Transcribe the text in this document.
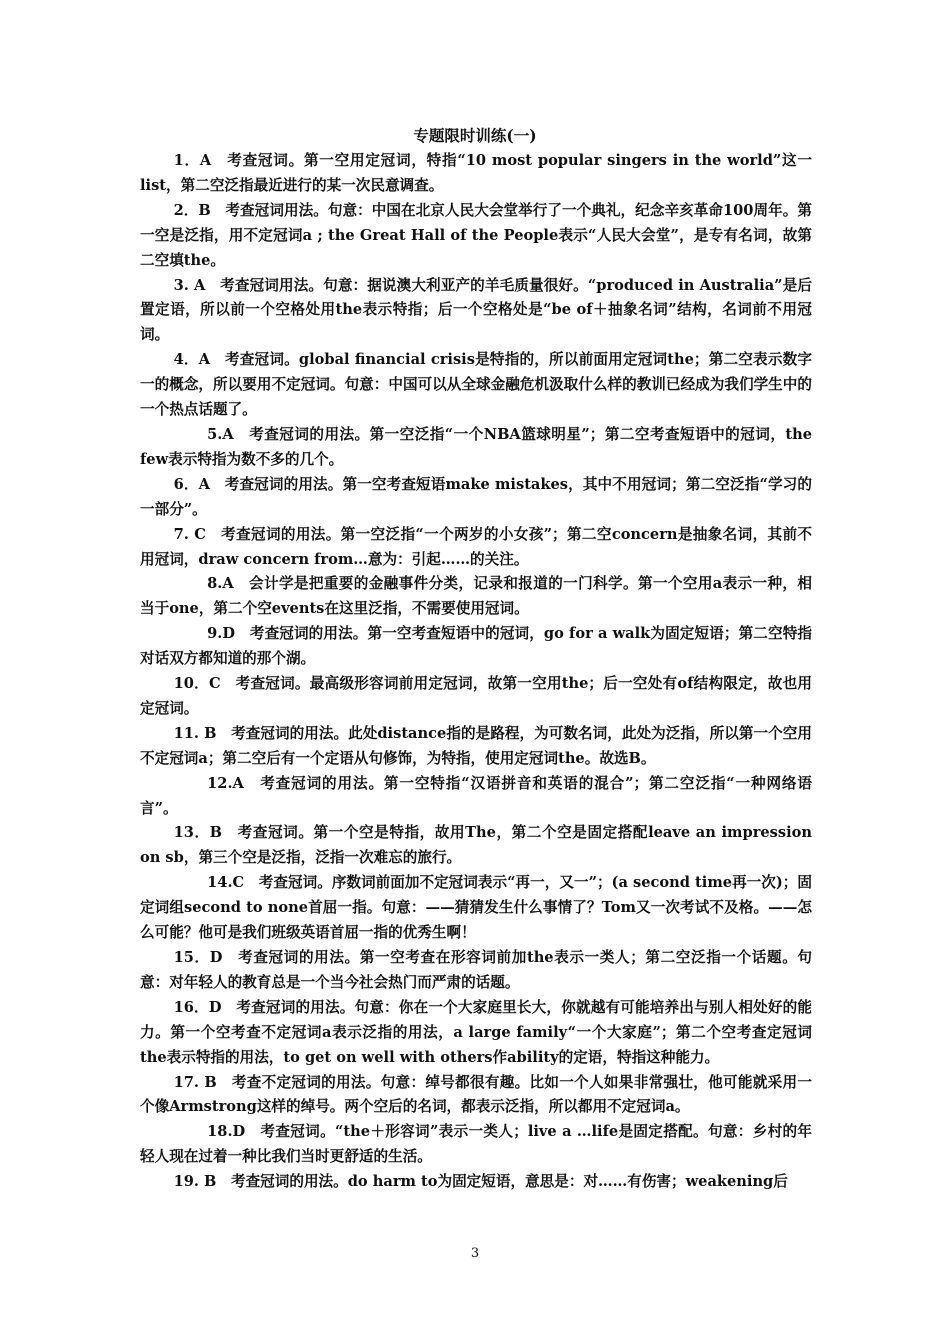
专题限时训练(一)

1．A　考查冠词。第一空用定冠词，特指“10 most popular singers in the world”这一list，第二空泛指最近进行的某一次民意调查。

2．B　考查冠词用法。句意：中国在北京人民大会堂举行了一个典礼，纪念辛亥革命100周年。第一空是泛指，用不定冠词a ; the Great Hall of the People表示“人民大会堂”，是专有名词，故第二空填the。

3. A　考查冠词用法。句意：据说澳大利亚产的羊毛质量很好。“produced in Australia”是后置定语，所以前一个空格处用the表示特指；后一个空格处是“be of＋抽象名词”结构，名词前不用冠词。

4．A　考查冠词。global financial crisis是特指的，所以前面用定冠词the；第二空表示数字一的概念，所以要用不定冠词。句意：中国可以从全球金融危机汲取什么样的教训已经成为我们学生中的一个热点话题了。

5.A　考查冠词的用法。第一空泛指“一个NBA篮球明星”；第二空考查短语中的冠词，the few表示特指为数不多的几个。

6．A　考查冠词的用法。第一空考查短语make mistakes，其中不用冠词；第二空泛指“学习的一部分”。

7. C　考查冠词的用法。第一空泛指“一个两岁的小女孩”；第二空concern是抽象名词，其前不用冠词，draw concern from…意为：引起……的关注。

8.A　会计学是把重要的金融事件分类，记录和报道的一门科学。第一个空用a表示一种，相当于one，第二个空events在这里泛指，不需要使用冠词。

9.D　考查冠词的用法。第一空考查短语中的冠词，go for a walk为固定短语；第二空特指对话双方都知道的那个湖。

10．C　考查冠词。最高级形容词前用定冠词，故第一空用the；后一空处有of结构限定，故也用定冠词。

11. B　考查冠词的用法。此处distance指的是路程，为可数名词，此处为泛指，所以第一个空用不定冠词a；第二空后有一个定语从句修饰，为特指，使用定冠词the。故选B。

12.A　考查冠词的用法。第一空特指“汉语拼音和英语的混合”；第二空泛指“一种网络语言”。

13．B　考查冠词。第一个空是特指，故用The，第二个空是固定搭配leave an impression on sb，第三个空是泛指，泛指一次难忘的旅行。

14.C　考查冠词。序数词前面加不定冠词表示“再一，又一”；(a second time再一次)；固定词组second to none首屈一指。句意：——猜猜发生什么事情了？Tom又一次考试不及格。——怎么可能？他可是我们班级英语首屈一指的优秀生啊！

15．D　考查冠词的用法。第一空考查在形容词前加the表示一类人；第二空泛指一个话题。句意：对年轻人的教育总是一个当今社会热门而严肃的话题。

16．D　考查冠词的用法。句意：你在一个大家庭里长大，你就越有可能培养出与别人相处好的能力。第一个空考查不定冠词a表示泛指的用法，a large family“一个大家庭”；第二个空考查定冠词the表示特指的用法，to get on well with others作ability的定语，特指这种能力。

17. B　考查不定冠词的用法。句意：绰号都很有趣。比如一个人如果非常强壮，他可能就采用一个像Armstrong这样的绰号。两个空后的名词，都表示泛指，所以都用不定冠词a。

18.D　考查冠词。“the＋形容词”表示一类人；live a …life是固定搭配。句意：乡村的年轻人现在过着一种比我们当时更舒适的生活。

19. B　考查冠词的用法。do harm to为固定短语，意思是：对……有伤害；weakening后

3
